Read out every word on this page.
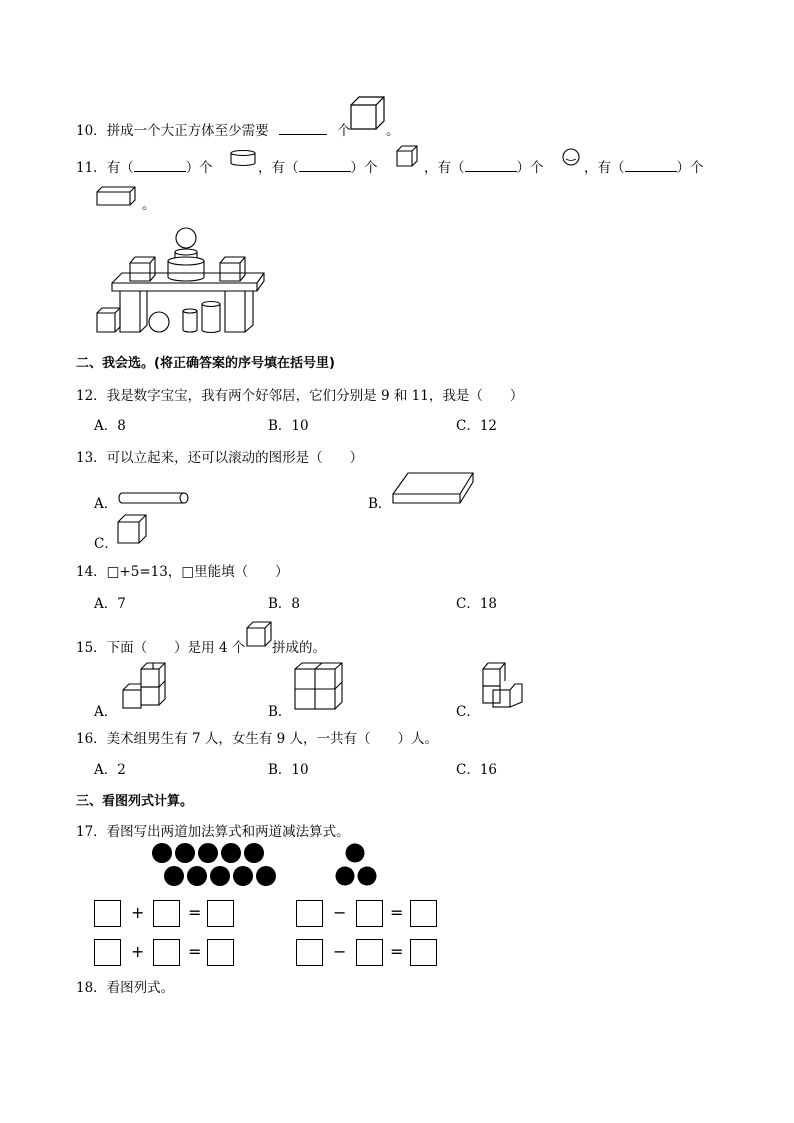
10．拼成一个大正方体至少需要	个	。
11．有（	）个	，有（	）个	，有（	）个	，有（	）个
。
二、我会选。(将正确答案的序号填在括号里)
12．我是数字宝宝，我有两个好邻居，它们分别是 9 和 11，我是（　　）
A．8	B．10	C．12
13．可以立起来，还可以滚动的图形是（　　）
A．	B．
C．
14．□+5=13，□里能填（　　）
A．7	B．8	C．18
15．下面（　　）是用 4 个 拼成的。
A．	B．	C．
16．美术组男生有 7 人，女生有 9 人，一共有（　　）人。
A．2	B．10	C．16
三、看图列式计算。
17．看图写出两道加法算式和两道减法算式。
+	=	−	=
+	=	−	=
18．看图列式。
